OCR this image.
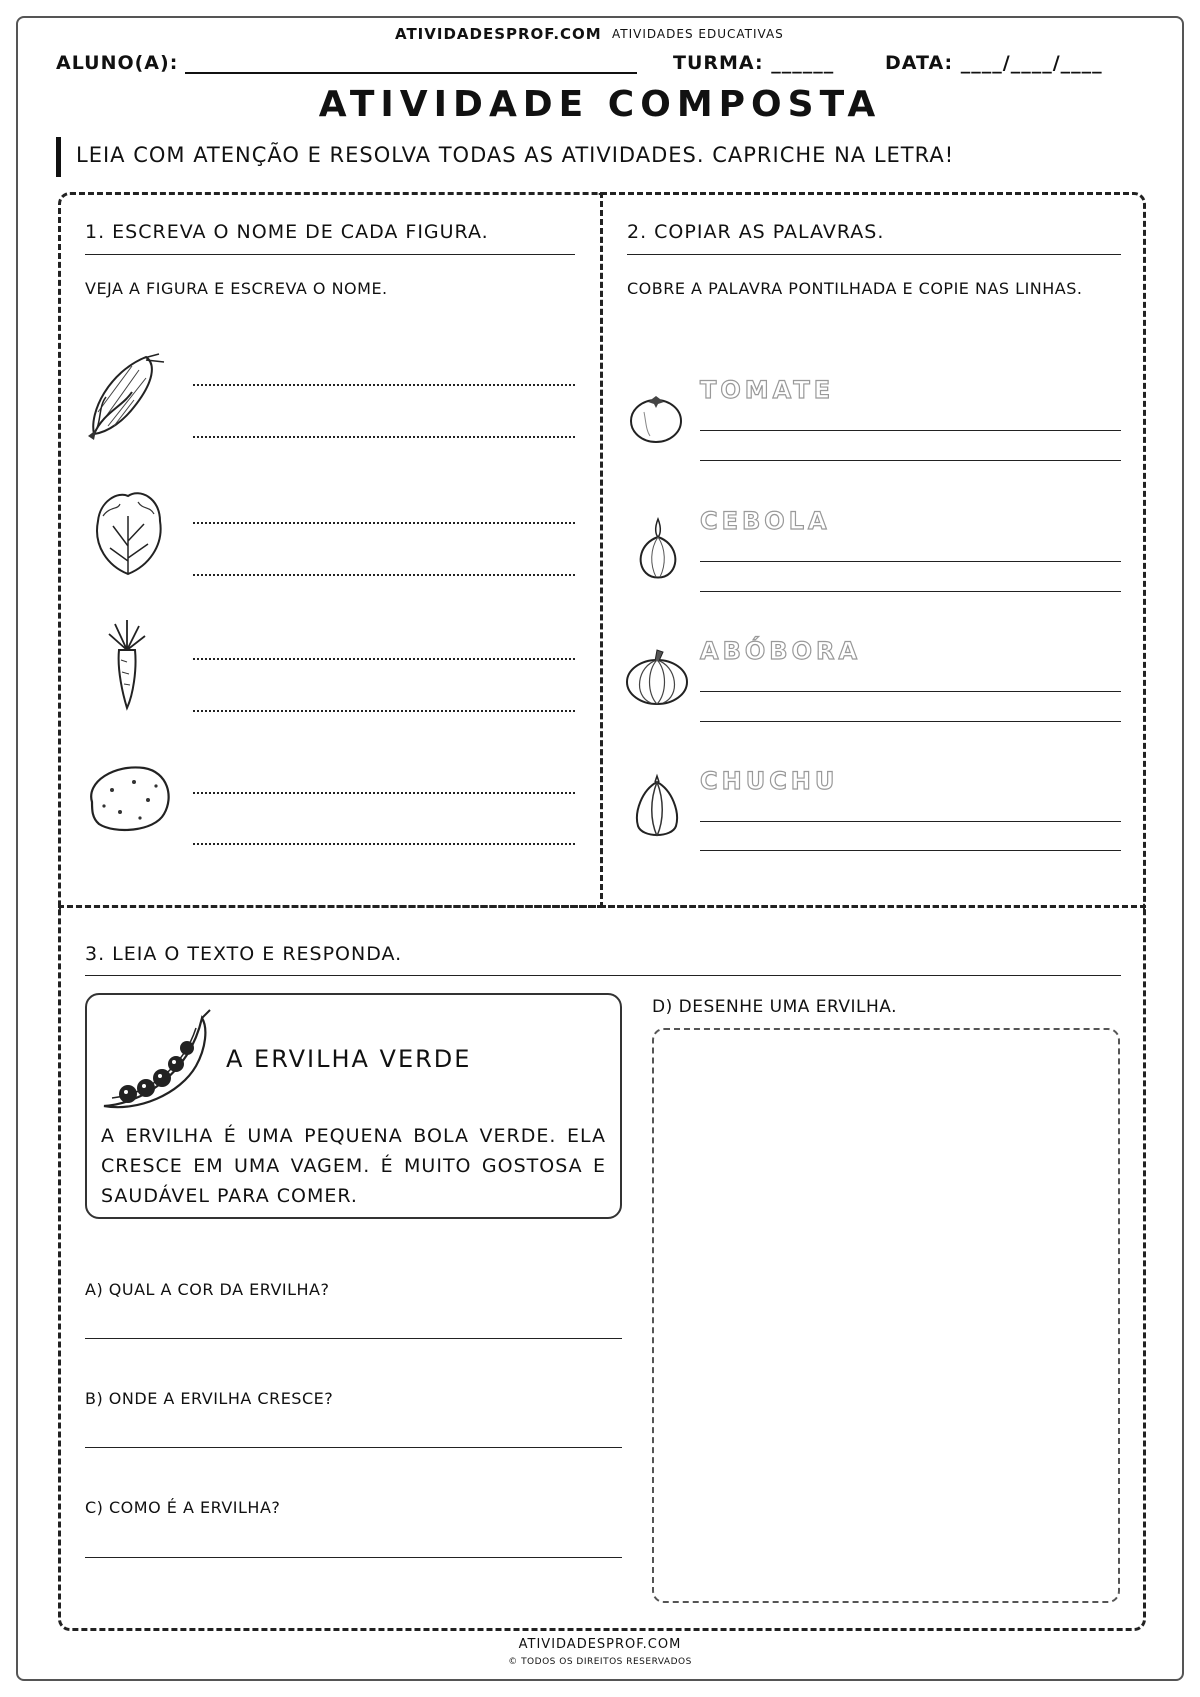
ATIVIDADESPROF.COM ATIVIDADES EDUCATIVAS
ALUNO(A):	TURMA: ______	DATA: ____/____/____
ATIVIDADE COMPOSTA
LEIA COM ATENÇÃO E RESOLVA TODAS AS ATIVIDADES. CAPRICHE NA LETRA!
1. ESCREVA O NOME DE CADA FIGURA.
VEJA A FIGURA E ESCREVA O NOME.
2. COPIAR AS PALAVRAS.
COBRE A PALAVRA PONTILHADA E COPIE NAS LINHAS.
TOMATE
CEBOLA
ABÓBORA
CHUCHU
3. LEIA O TEXTO E RESPONDA.
A ERVILHA VERDE
A ERVILHA É UMA PEQUENA BOLA VERDE. ELA CRESCE EM UMA VAGEM. É MUITO GOSTOSA E SAUDÁVEL PARA COMER.
A) QUAL A COR DA ERVILHA?
B) ONDE A ERVILHA CRESCE?
C) COMO É A ERVILHA?
D) DESENHE UMA ERVILHA.
ATIVIDADESPROF.COM
© TODOS OS DIREITOS RESERVADOS
